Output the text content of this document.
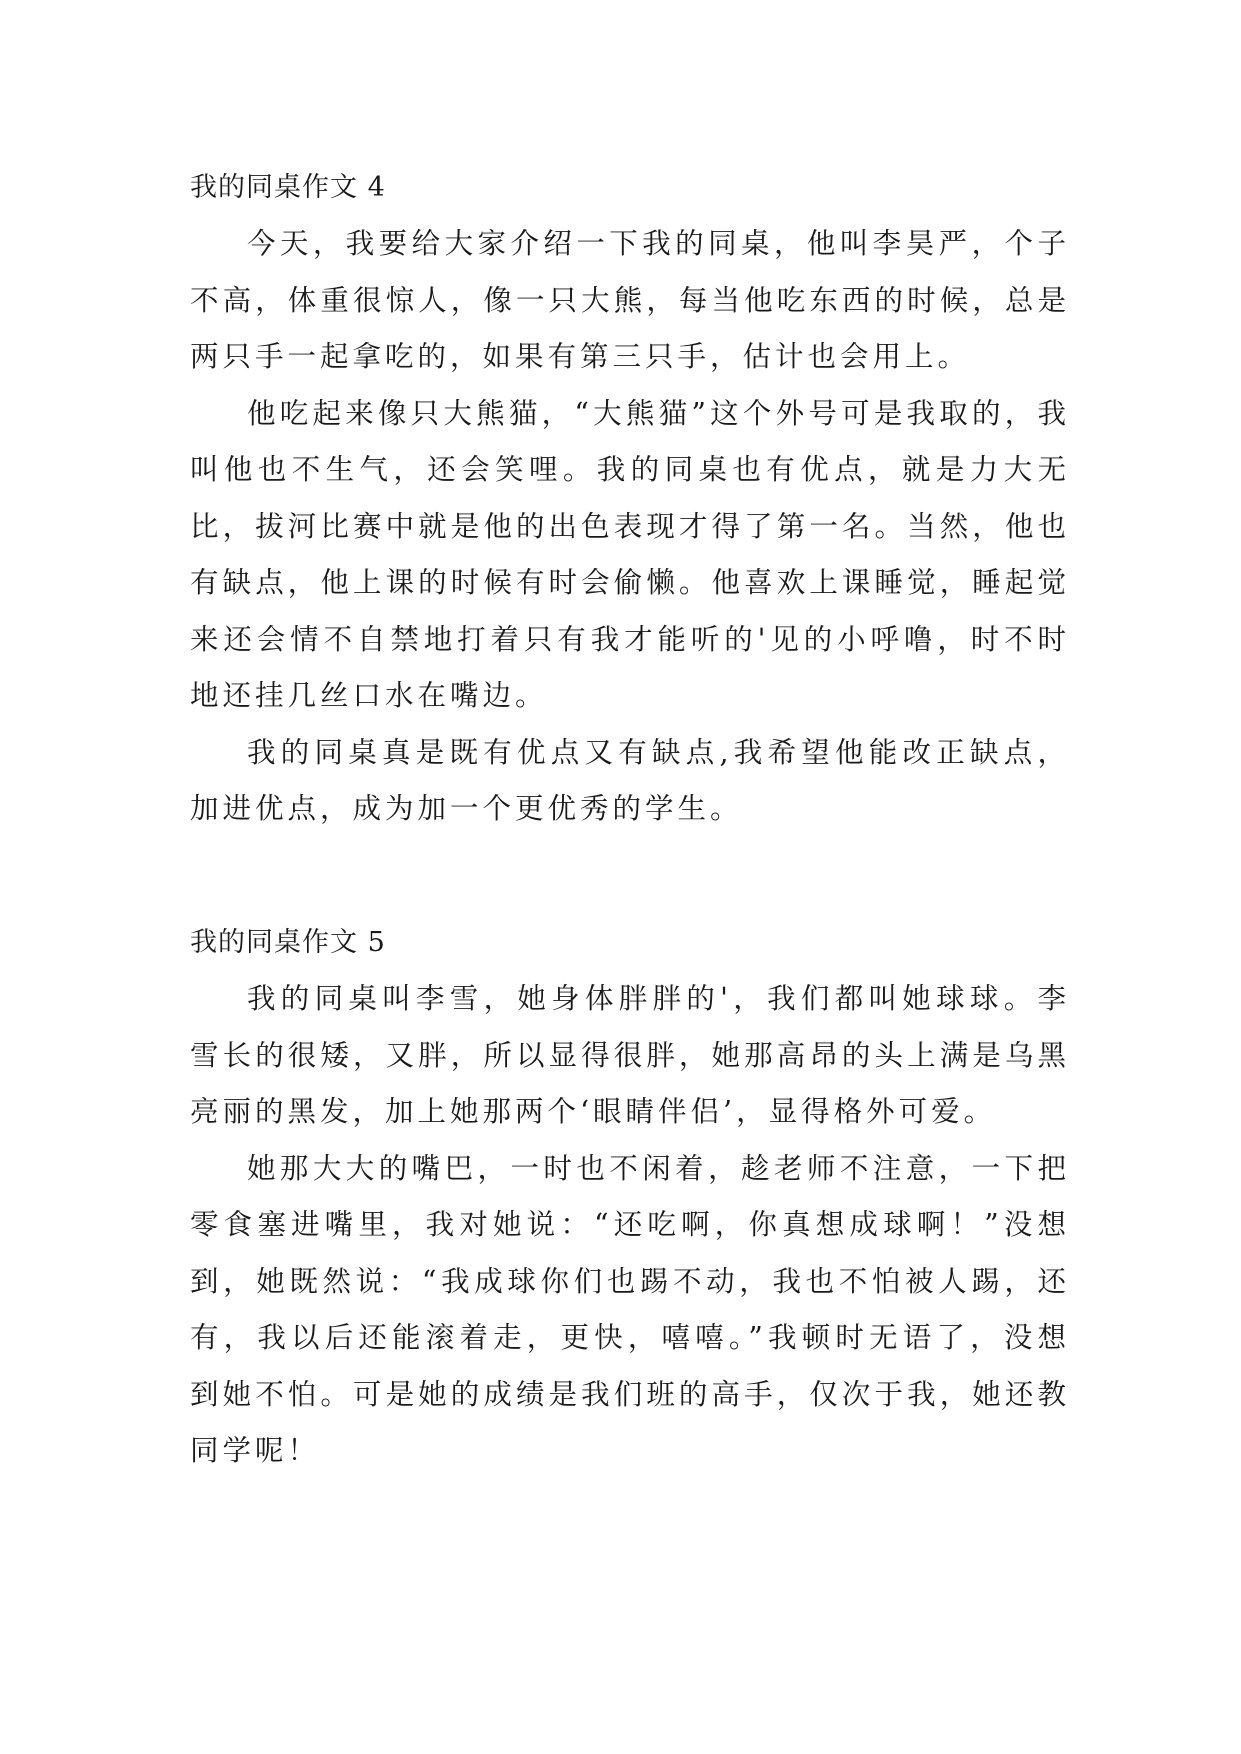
我的同桌作文 4

今天，我要给大家介绍一下我的同桌，他叫李昊严，个子不高，体重很惊人，像一只大熊，每当他吃东西的时候，总是两只手一起拿吃的，如果有第三只手，估计也会用上。

他吃起来像只大熊猫，“大熊猫”这个外号可是我取的，我叫他也不生气，还会笑哩。我的同桌也有优点，就是力大无比，拔河比赛中就是他的出色表现才得了第一名。当然，他也有缺点，他上课的时候有时会偷懒。他喜欢上课睡觉，睡起觉来还会情不自禁地打着只有我才能听的'见的小呼噜，时不时地还挂几丝口水在嘴边。

我的同桌真是既有优点又有缺点,我希望他能改正缺点，加进优点，成为加一个更优秀的学生。

我的同桌作文 5

我的同桌叫李雪，她身体胖胖的'，我们都叫她球球。李雪长的很矮，又胖，所以显得很胖，她那高昂的头上满是乌黑亮丽的黑发，加上她那两个‘眼睛伴侣’，显得格外可爱。

她那大大的嘴巴，一时也不闲着，趁老师不注意，一下把零食塞进嘴里，我对她说：“还吃啊，你真想成球啊！”没想到，她既然说：“我成球你们也踢不动，我也不怕被人踢，还有，我以后还能滚着走，更快，嘻嘻。”我顿时无语了，没想到她不怕。可是她的成绩是我们班的高手，仅次于我，她还教同学呢！
